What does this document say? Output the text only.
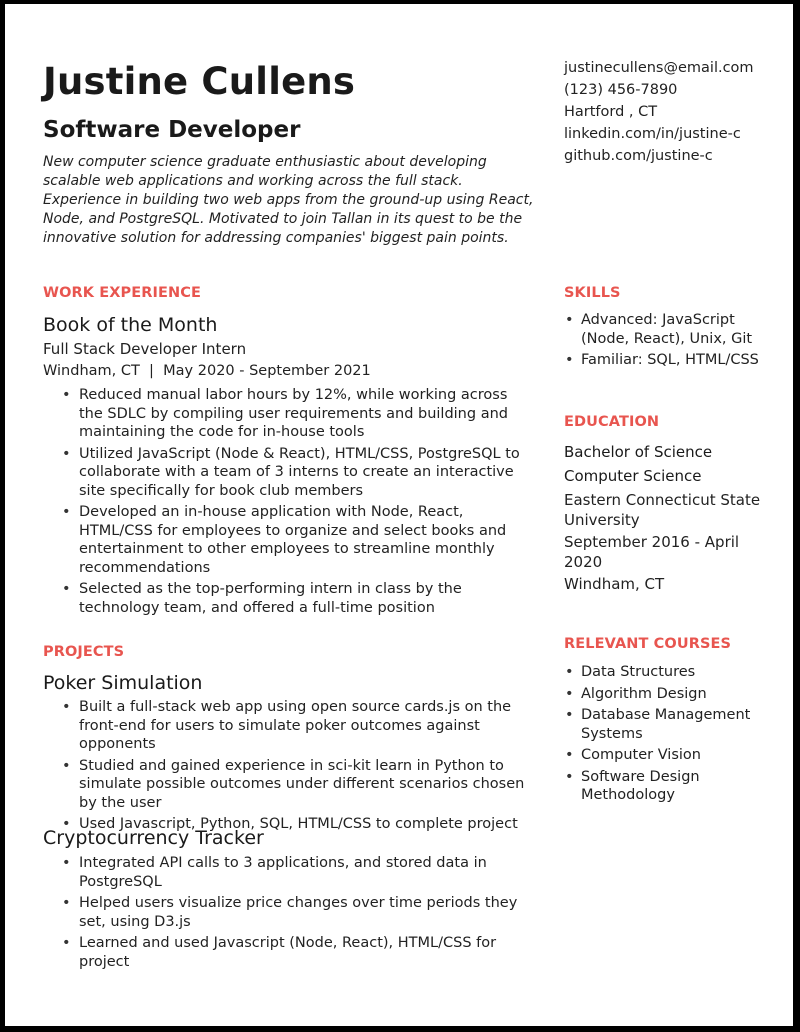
Justine Cullens
Software Developer
New computer science graduate enthusiastic about developing scalable web applications and working across the full stack. Experience in building two web apps from the ground-up using React, Node, and PostgreSQL. Motivated to join Tallan in its quest to be the innovative solution for addressing companies' biggest pain points.
WORK EXPERIENCE
Book of the Month
Full Stack Developer Intern
Windham, CT  |  May 2020 - September 2021
• Reduced manual labor hours by 12%, while working across the SDLC by compiling user requirements and building and maintaining the code for in-house tools
• Utilized JavaScript (Node & React), HTML/CSS, PostgreSQL to collaborate with a team of 3 interns to create an interactive site specifically for book club members
• Developed an in-house application with Node, React, HTML/CSS for employees to organize and select books and entertainment to other employees to streamline monthly recommendations
• Selected as the top-performing intern in class by the technology team, and offered a full-time position
PROJECTS
Poker Simulation
• Built a full-stack web app using open source cards.js on the front-end for users to simulate poker outcomes against opponents
• Studied and gained experience in sci-kit learn in Python to simulate possible outcomes under different scenarios chosen by the user
• Used Javascript, Python, SQL, HTML/CSS to complete project
Cryptocurrency Tracker
• Integrated API calls to 3 applications, and stored data in PostgreSQL
• Helped users visualize price changes over time periods they set, using D3.js
• Learned and used Javascript (Node, React), HTML/CSS for project
justinecullens@email.com
(123) 456-7890
Hartford , CT
linkedin.com/in/justine-c
github.com/justine-c
SKILLS
• Advanced: JavaScript (Node, React), Unix, Git
• Familiar: SQL, HTML/CSS
EDUCATION
Bachelor of Science
Computer Science
Eastern Connecticut State University
September 2016 - April 2020
Windham, CT
RELEVANT COURSES
• Data Structures
• Algorithm Design
• Database Management Systems
• Computer Vision
• Software Design Methodology
